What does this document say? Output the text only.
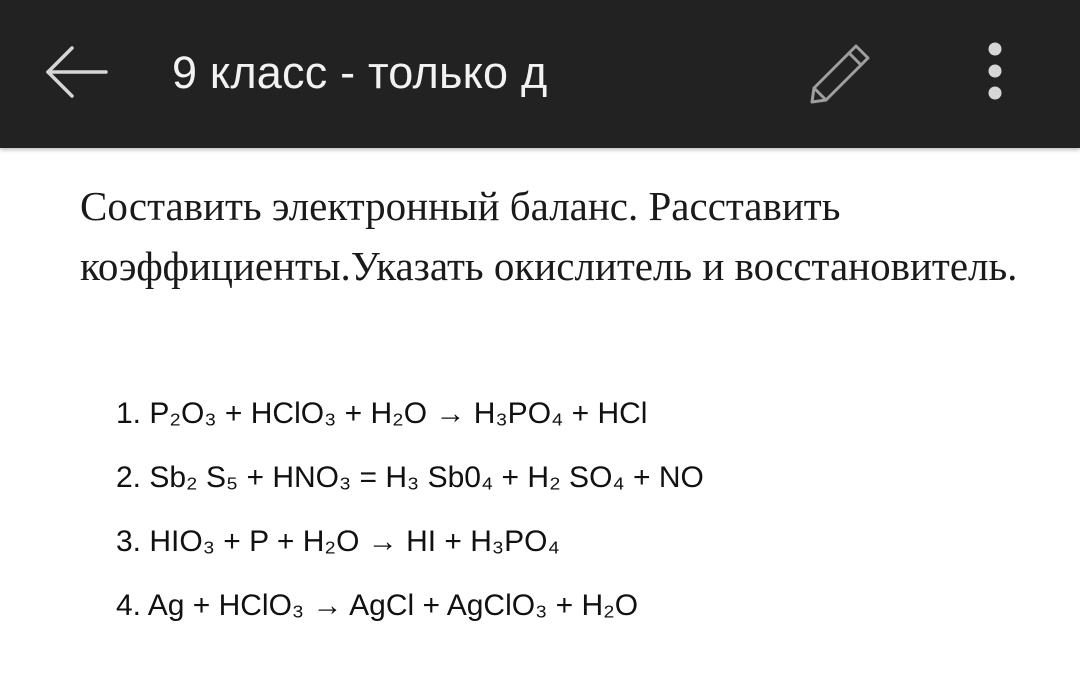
9 класс - только д

Составить электронный баланс. Расставить коэффициенты.Указать окислитель и восстановитель.

1. P₂O₃ + HClO₃ + H₂O → H₃PO₄ + HCl
2. Sb₂ S₅ + HNO₃ = H₃ Sb0₄ + H₂ SO₄ + NO
3. HIO₃ + P + H₂O → HI + H₃PO₄
4. Ag + HClO₃ → AgCl + AgClO₃ + H₂O
